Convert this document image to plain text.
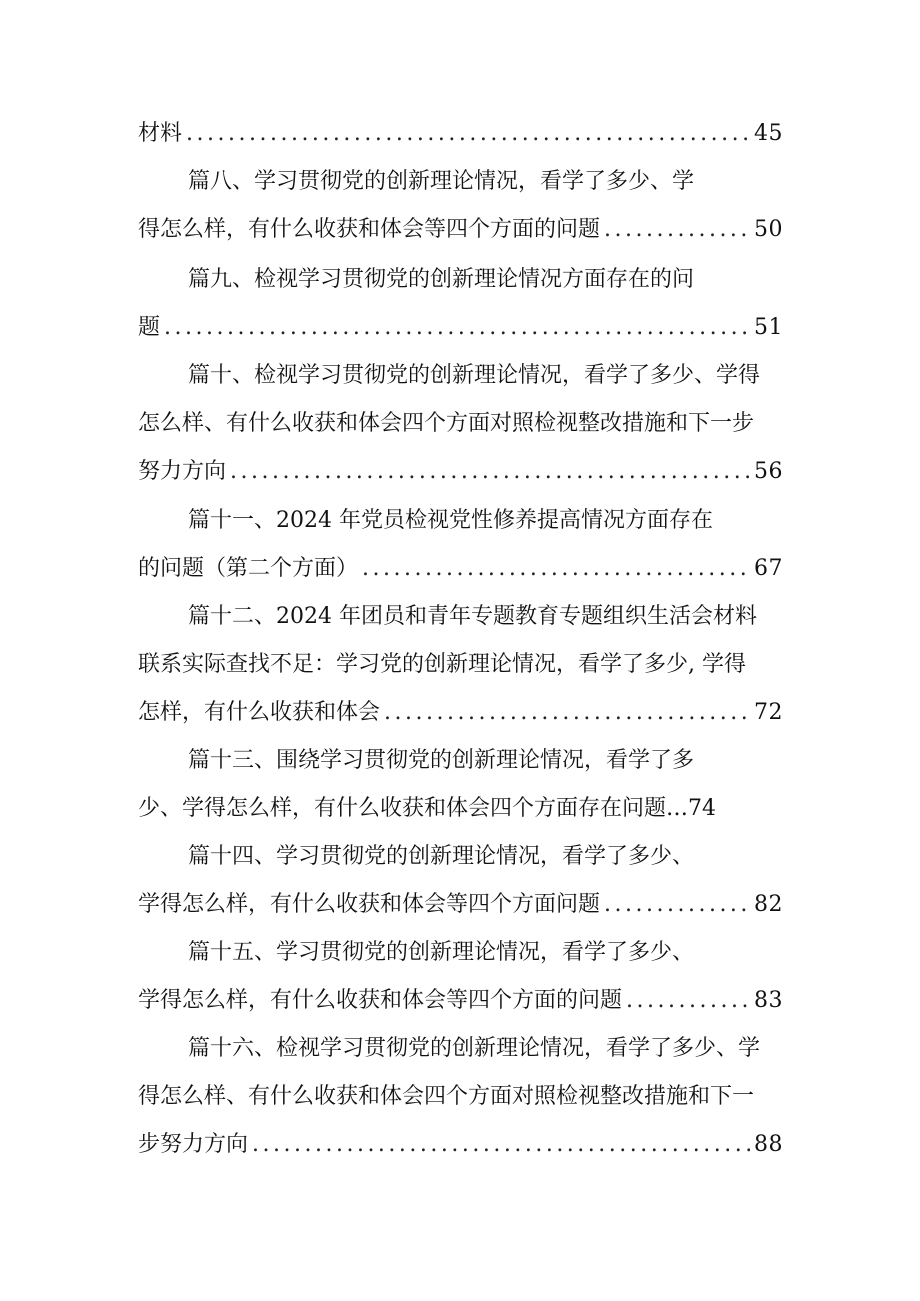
材料 .....	45
篇八、学习贯彻党的创新理论情况，看学了多少、学
得怎么样，有什么收获和体会等四个方面的问题 .....	50
篇九、检视学习贯彻党的创新理论情况方面存在的问
题 .....	51
篇十、检视学习贯彻党的创新理论情况，看学了多少、学得
怎么样、有什么收获和体会四个方面对照检视整改措施和下一步
努力方向 .....	56
篇十一、2024 年党员检视党性修养提高情况方面存在
的问题（第二个方面） .....	67
篇十二、2024 年团员和青年专题教育专题组织生活会材料
联系实际查找不足：学习党的创新理论情况，看学了多少, 学得
怎样，有什么收获和体会 .....	72
篇十三、围绕学习贯彻党的创新理论情况，看学了多
少、学得怎么样，有什么收获和体会四个方面存在问题…74
篇十四、学习贯彻党的创新理论情况，看学了多少、
学得怎么样，有什么收获和体会等四个方面问题 .....	82
篇十五、学习贯彻党的创新理论情况，看学了多少、
学得怎么样，有什么收获和体会等四个方面的问题 .....	83
篇十六、检视学习贯彻党的创新理论情况，看学了多少、学
得怎么样、有什么收获和体会四个方面对照检视整改措施和下一
步努力方向 .....	88
